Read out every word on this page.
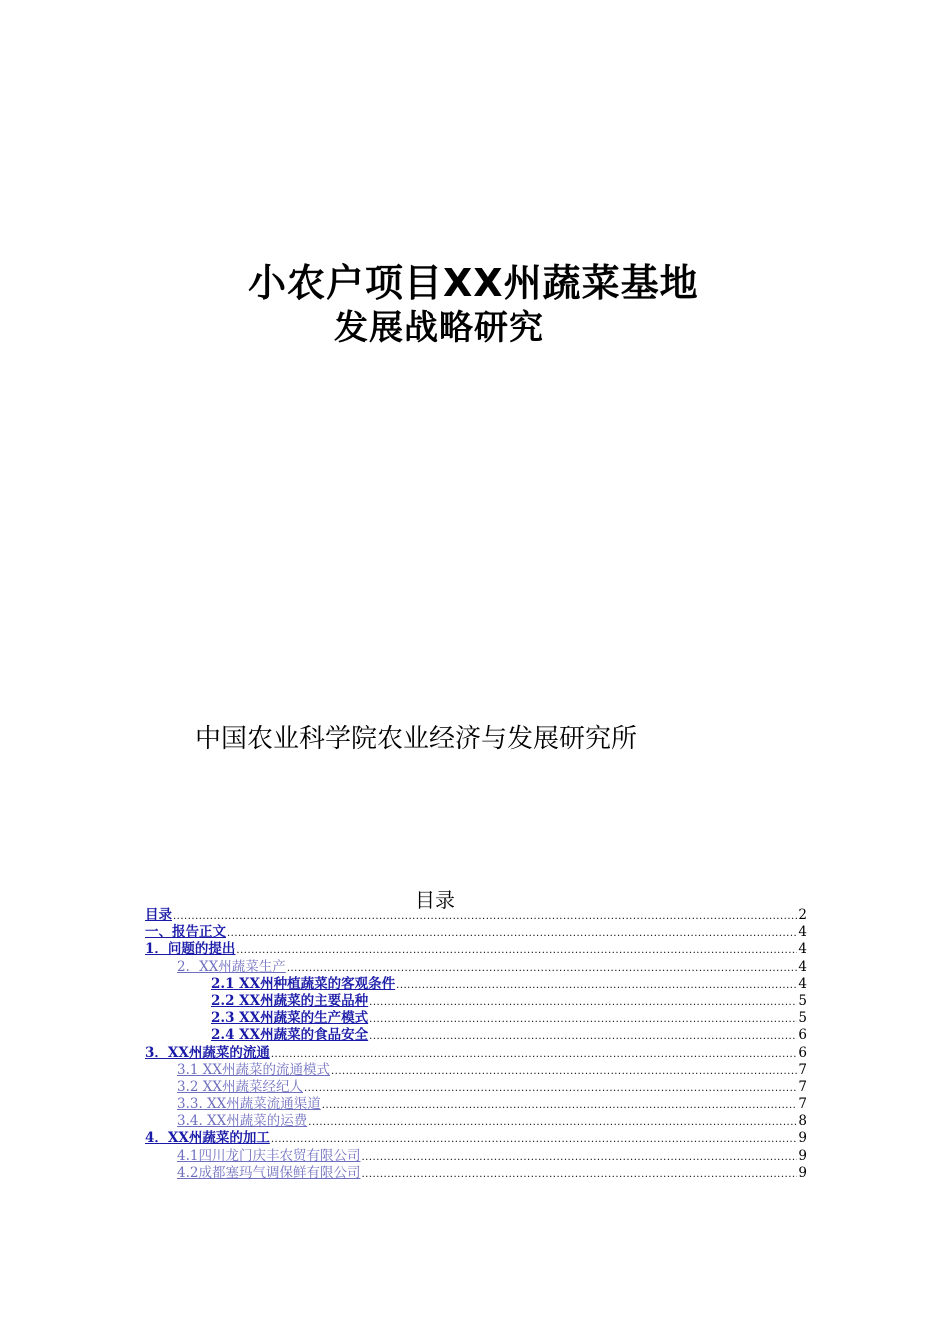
小农户项目XX州蔬菜基地
发展战略研究
中国农业科学院农业经济与发展研究所
目录
目录 .....	2
一、报告正文 .....	4
1．问题的提出 .....	4
2．XX州蔬菜生产 .....	4
2.1 XX州种植蔬菜的客观条件 .....	4
2.2 XX州蔬菜的主要品种 .....	5
2.3 XX州蔬菜的生产模式 .....	5
2.4 XX州蔬菜的食品安全 .....	6
3．XX州蔬菜的流通 .....	6
3.1 XX州蔬菜的流通模式 .....	7
3.2 XX州蔬菜经纪人 .....	7
3.3. XX州蔬菜流通渠道 .....	7
3.4. XX州蔬菜的运费 .....	8
4．XX州蔬菜的加工 .....	9
4.1四川龙门庆丰农贸有限公司 .....	9
4.2成都塞玛气调保鲜有限公司 .....	9
